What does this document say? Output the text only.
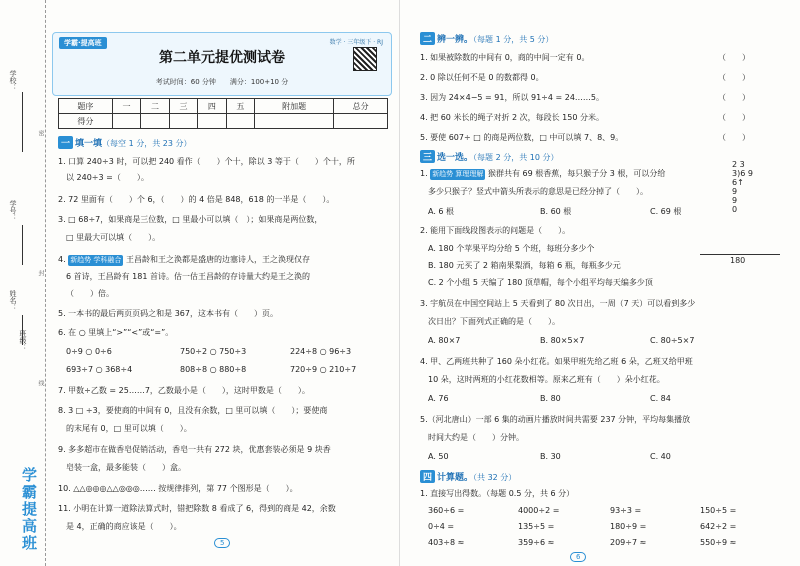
学校：
学号：
姓名：
班级：
密
封
线
学霸提高班
学霸·提高班	数学 · 三年级下 · RJ
第二单元提优测试卷
考试时间：60 分钟　　满分：100+10 分
题序	一	二	三	四	五	附加题	总分
得分							
一 填一填（每空 1 分，共 23 分）
1. 口算 240÷3 时，可以把 240 看作（　　）个十，除以 3 等于（　　）个十，所
以 240÷3 =（　　）。
2. 72 里面有（　　）个 6，（　　）的 4 倍是 848，618 的一半是（　　）。
3. □ 68÷7，如果商是三位数，□ 里最小可以填（　）；如果商是两位数，
□ 里最大可以填（　　）。
4. 新趋势 学科融合 王昌龄和王之涣都是盛唐的边塞诗人，王之涣现仅存
6 首诗，王昌龄有 181 首诗。估一估王昌龄的存诗量大约是王之涣的
（　　）倍。
5. 一本书的最后两页页码之和是 367，这本书有（　　）页。
6. 在 ○ 里填上“>”“<”或“=”。
0÷9 ○ 0÷6	750÷2 ○ 750÷3	224÷8 ○ 96÷3
693÷7 ○ 368÷4	808÷8 ○ 880÷8	720÷9 ○ 210÷7
7. 甲数÷乙数 = 25……7，乙数最小是（　　），这时甲数是（　　）。
8. 3 □ ÷3，要使商的中间有 0，且没有余数，□ 里可以填（　　）；要使商
的末尾有 0，□ 里可以填（　　）。
9. 多多超市在做香皂促销活动，香皂一共有 272 块，优惠套装必须是 9 块香
皂装一盒，最多能装（　　）盒。
10. △△◎◎◎△△◎◎◎…… 按规律排列，第 77 个图形是（　　）。
11. 小明在计算一道除法算式时，错把除数 8 看成了 6，得到的商是 42，余数
是 4，正确的商应该是（　　）。
5
二 辨一辨。（每题 1 分，共 5 分）
1. 如果被除数的中间有 0，商的中间一定有 0。
2. 0 除以任何不是 0 的数都得 0。
3. 因为 24×4−5 = 91，所以 91÷4 = 24……5。
4. 把 60 米长的绳子对折 2 次，每段长 150 分米。
5. 要使 607÷ □ 的商是两位数，□ 中可以填 7、8、9。
（　　）
（　　）
（　　）
（　　）
（　　）
三 选一选。（每题 2 分，共 10 分）
1. 新趋势 算理理解 猴群共有 69 根香蕉，每只猴子分 3 根，可以分给
多少只猴子？竖式中箭头所表示的意思是已经分掉了（　　）。
2 3
3)6 9
6↑
9
9
0
A. 6 根	B. 60 根	C. 69 根
2. 能用下面线段图表示的问题是（　　）。
A. 180 个苹果平均分给 5 个班，每班分多少个
B. 180 元买了 2 箱南果梨酒，每箱 6 瓶，每瓶多少元
C. 2 个小组 5 天编了 180 顶草帽，每个小组平均每天编多少顶
180
3. 宇航员在中国空间站上 5 天看到了 80 次日出，一周（7 天）可以看到多少
次日出？下面列式正确的是（　　）。
A. 80×7	B. 80×5×7	C. 80÷5×7
4. 甲、乙两班共种了 160 朵小红花。如果甲班先给乙班 6 朵，乙班又给甲班
10 朵，这时两班的小红花数相等。原来乙班有（　　）朵小红花。
A. 76	B. 80	C. 84
5.（河北唐山）一部 6 集的动画片播放时间共需要 237 分钟，平均每集播放
时间大约是（　　）分钟。
A. 50	B. 30	C. 40
四 计算题。（共 32 分）
1. 直接写出得数。（每题 0.5 分，共 6 分）
360÷6 =	4000÷2 =	93÷3 =	150÷5 =
0÷4 =	135÷5 =	180÷9 =	642÷2 =
403÷8 ≈	359÷6 ≈	209÷7 ≈	550÷9 ≈
6
